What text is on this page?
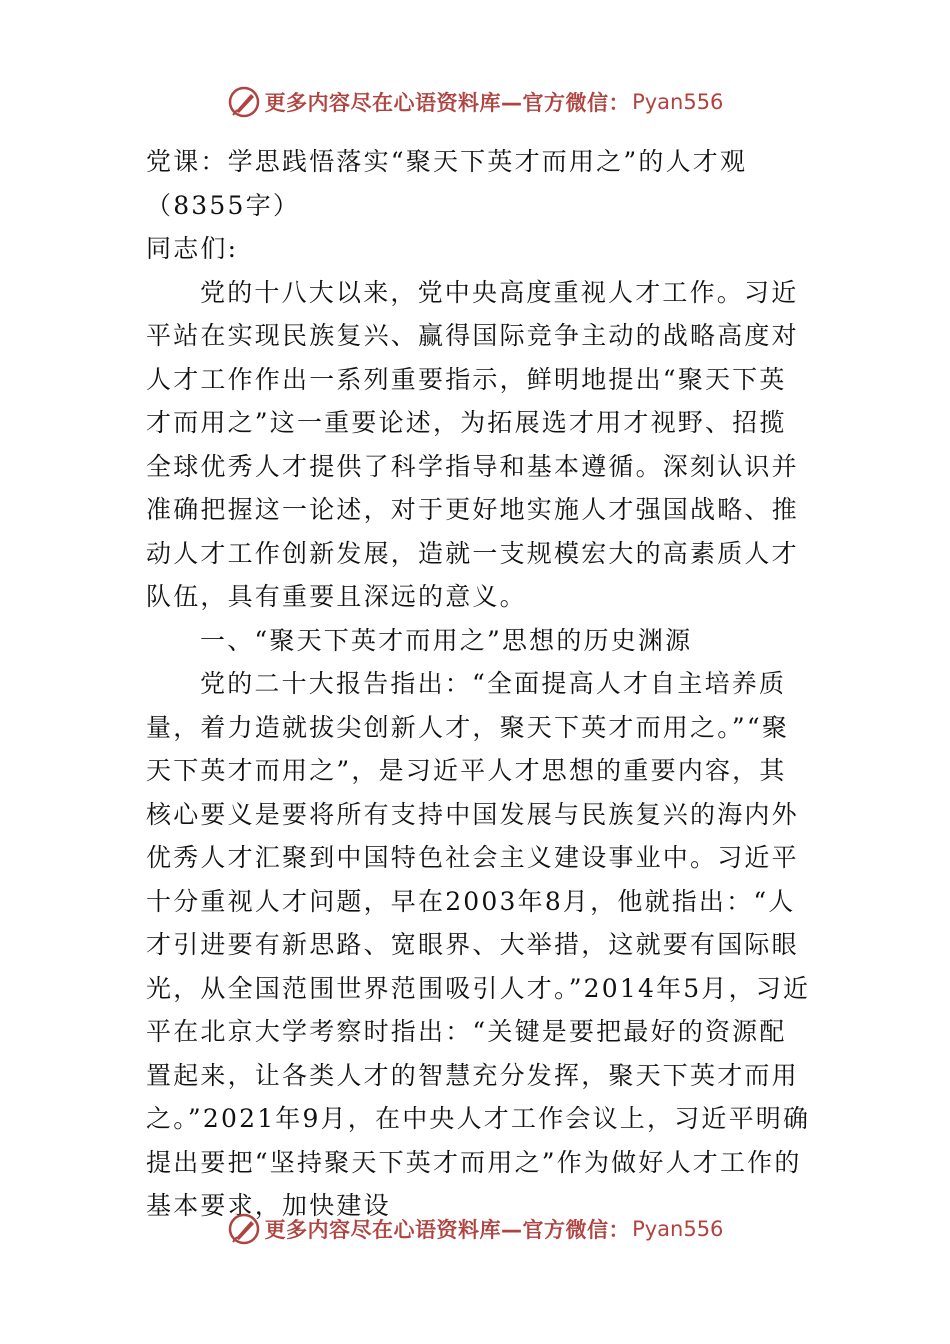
更多内容尽在心语资料库—官方微信： Pyan556

党课：学思践悟落实“聚天下英才而用之”的人才观（8355字）

同志们:

党的十八大以来，党中央高度重视人才工作。习近平站在实现民族复兴、赢得国际竞争主动的战略高度对人才工作作出一系列重要指示，鲜明地提出“聚天下英才而用之”这一重要论述，为拓展选才用才视野、招揽全球优秀人才提供了科学指导和基本遵循。深刻认识并准确把握这一论述，对于更好地实施人才强国战略、推动人才工作创新发展，造就一支规模宏大的高素质人才队伍，具有重要且深远的意义。

一、“聚天下英才而用之”思想的历史渊源

党的二十大报告指出：“全面提高人才自主培养质量，着力造就拔尖创新人才，聚天下英才而用之。”“聚天下英才而用之”，是习近平人才思想的重要内容，其核心要义是要将所有支持中国发展与民族复兴的海内外优秀人才汇聚到中国特色社会主义建设事业中。习近平十分重视人才问题，早在2003年8月，他就指出：“人才引进要有新思路、宽眼界、大举措，这就要有国际眼光，从全国范围世界范围吸引人才。”2014年5月，习近平在北京大学考察时指出：“关键是要把最好的资源配置起来，让各类人才的智慧充分发挥，聚天下英才而用之。”2021年9月，在中央人才工作会议上，习近平明确提出要把“坚持聚天下英才而用之”作为做好人才工作的基本要求，加快建设

更多内容尽在心语资料库—官方微信： Pyan556
